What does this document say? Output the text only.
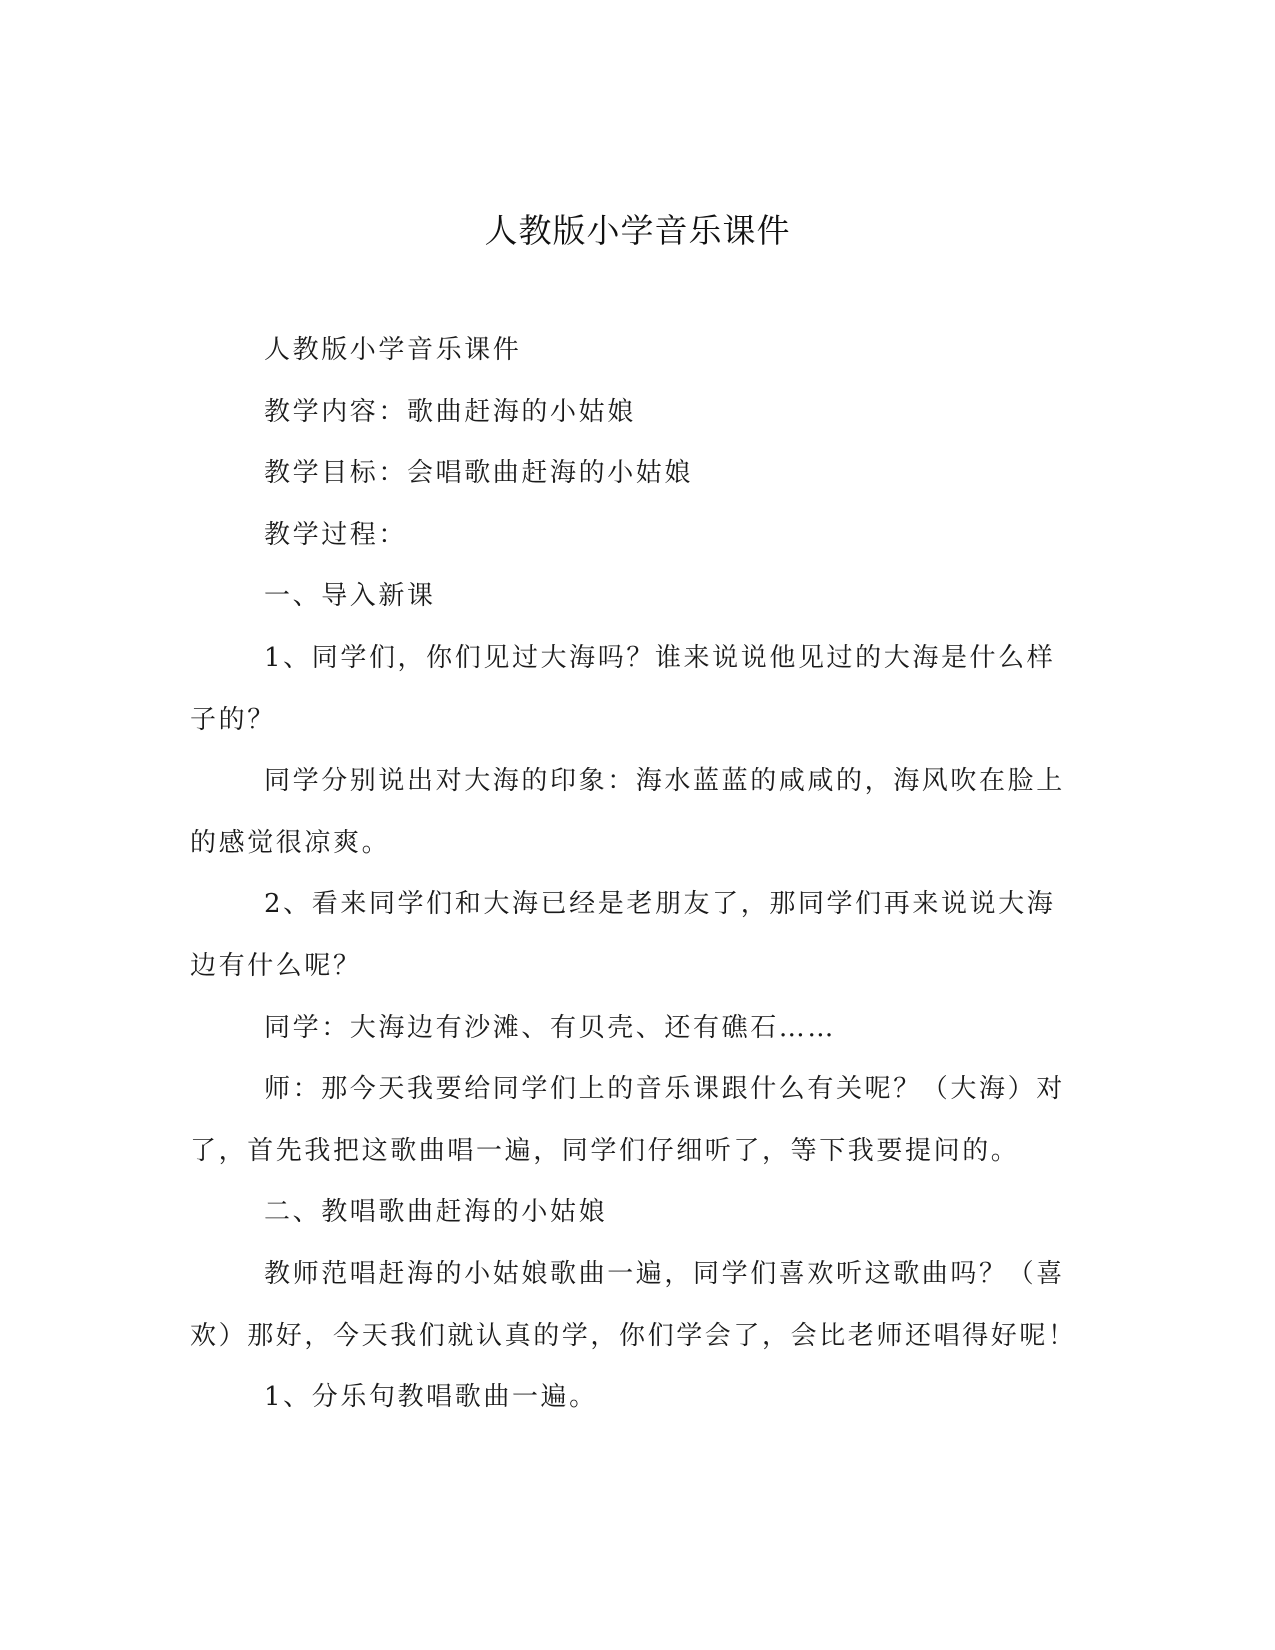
人教版小学音乐课件

人教版小学音乐课件

教学内容：歌曲赶海的小姑娘

教学目标：会唱歌曲赶海的小姑娘

教学过程：

一、导入新课

1、同学们，你们见过大海吗？谁来说说他见过的大海是什么样子的？

同学分别说出对大海的印象：海水蓝蓝的咸咸的，海风吹在脸上的感觉很凉爽。

2、看来同学们和大海已经是老朋友了，那同学们再来说说大海边有什么呢？

同学：大海边有沙滩、有贝壳、还有礁石……

师：那今天我要给同学们上的音乐课跟什么有关呢？（大海）对了，首先我把这歌曲唱一遍，同学们仔细听了，等下我要提问的。

二、教唱歌曲赶海的小姑娘

教师范唱赶海的小姑娘歌曲一遍，同学们喜欢听这歌曲吗？（喜欢）那好，今天我们就认真的学，你们学会了，会比老师还唱得好呢！

1、分乐句教唱歌曲一遍。
